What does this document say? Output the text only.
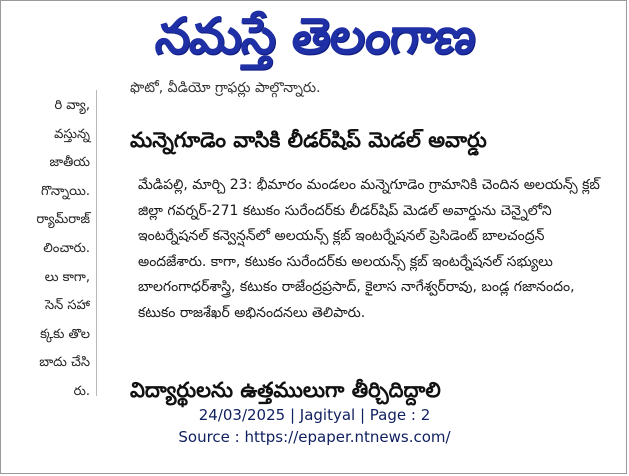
నమస్తే తెలంగాణ
రి వ్యా,
వస్తున్న
జాతీయ
గొన్నాయి.
ర్యామ్‌రాజ్
లించారు.
లు కాగా,
సెన్ సహా
క్కకు తొల
బాదు చేసి
రు.
ఫొటో, వీడియో గ్రాఫర్లు పాల్గొన్నారు.
మన్నెగూడెం వాసికి లీడర్‌షిప్ మెడల్ అవార్డు

మేడిపల్లి, మార్చి 23: భీమారం మండలం మన్నెగూడెం గ్రామానికి చెందిన అలయన్స్ క్లబ్ జిల్లా గవర్నర్-271 కటుకం సురేందర్‌కు లీడర్‌షిప్ మెడల్ అవార్డును చెన్నైలోని ఇంటర్నేషనల్ కన్వెన్షన్‌లో అలయన్స్ క్లబ్ ఇంటర్నేషనల్ ప్రెసిడెంట్ బాలచంద్రన్ అందజేశారు. కాగా, కటుకం సురేందర్‌కు అలయన్స్ క్లబ్ ఇంటర్నేషనల్ సభ్యులు బాలగంగాధర్‌శాస్త్రి, కటుకం రాజేంద్రప్రసాద్, కైలాస నాగేశ్వర్‌రావు, బండ్ల గజానందం, కటుకం రాజశేఖర్ అభినందనలు తెలిపారు.

విద్యార్థులను ఉత్తములుగా తీర్చిదిద్దాలి
24/03/2025 | Jagityal | Page : 2
Source : https://epaper.ntnews.com/
